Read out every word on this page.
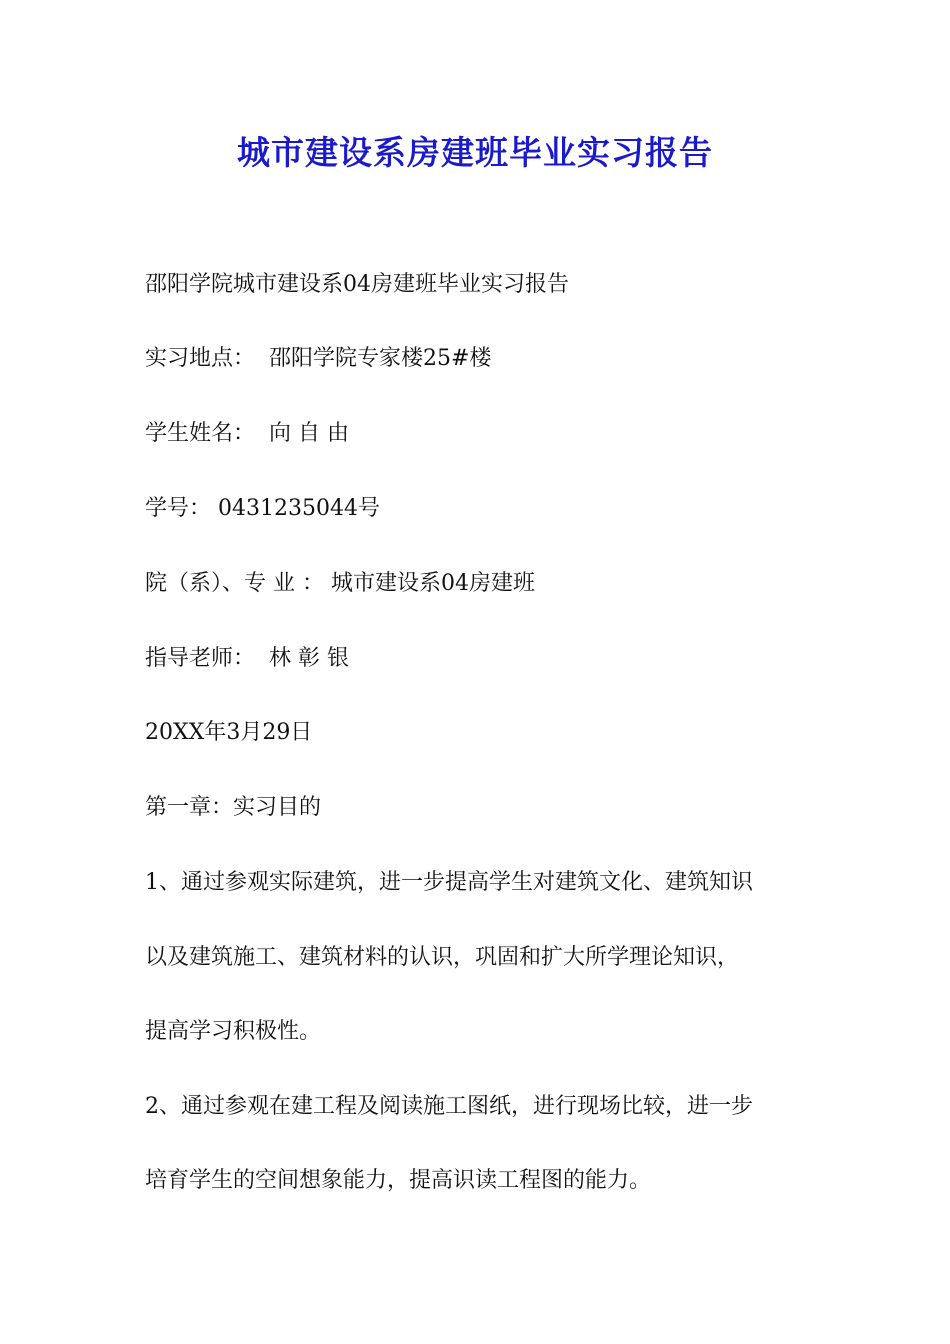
城市建设系房建班毕业实习报告
邵阳学院城市建设系04房建班毕业实习报告
实习地点：  邵阳学院专家楼25#楼
学生姓名：  向 自 由
学号： 0431235044号
院（系）、专 业 ： 城市建设系04房建班
指导老师：  林 彰 银
20XX年3月29日
第一章：实习目的
1、通过参观实际建筑，进一步提高学生对建筑文化、建筑知识
以及建筑施工、建筑材料的认识，巩固和扩大所学理论知识，
提高学习积极性。
2、通过参观在建工程及阅读施工图纸，进行现场比较，进一步
培育学生的空间想象能力，提高识读工程图的能力。
